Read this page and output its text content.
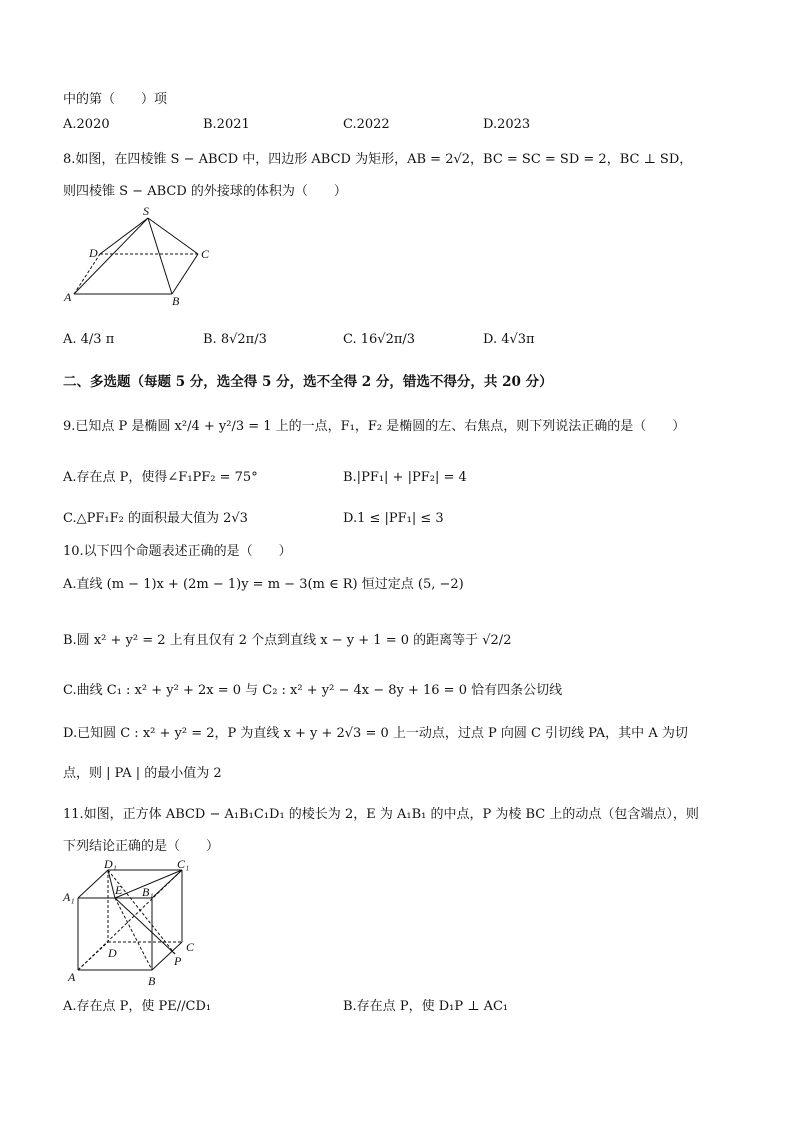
中的第（　　）项
A.2020	B.2021	C.2022	D.2023
8.如图，在四棱锥 S − ABCD 中，四边形 ABCD 为矩形，AB = 2√2，BC = SC = SD = 2，BC ⊥ SD，
则四棱锥 S − ABCD 的外接球的体积为（　　）
S
D	C
A	B
A. 4/3 π	B. 8√2π/3	C. 16√2π/3	D. 4√3π
二、多选题（每题 5 分，选全得 5 分，选不全得 2 分，错选不得分，共 20 分）
9.已知点 P 是椭圆 x²/4 + y²/3 = 1 上的一点，F₁，F₂ 是椭圆的左、右焦点，则下列说法正确的是（　　）
A.存在点 P，使得∠F₁PF₂ = 75°	B.|PF₁| + |PF₂| = 4
C.△PF₁F₂ 的面积最大值为 2√3	D.1 ≤ |PF₁| ≤ 3
10.以下四个命题表述正确的是（　　）
A.直线 (m − 1)x + (2m − 1)y = m − 3(m ∈ R) 恒过定点 (5, −2)
B.圆 x² + y² = 2 上有且仅有 2 个点到直线 x − y + 1 = 0 的距离等于 √2/2
C.曲线 C₁ : x² + y² + 2x = 0 与 C₂ : x² + y² − 4x − 8y + 16 = 0 恰有四条公切线
D.已知圆 C : x² + y² = 2，P 为直线 x + y + 2√3 = 0 上一动点，过点 P 向圆 C 引切线 PA，其中 A 为切
点，则 | PA | 的最小值为 2
11.如图，正方体 ABCD − A₁B₁C₁D₁ 的棱长为 2，E 为 A₁B₁ 的中点，P 为棱 BC 上的动点（包含端点），则
下列结论正确的是（　　）
D₁	C₁
A₁	E B₁
D	C
P
A	B
A.存在点 P，使 PE//CD₁	B.存在点 P，使 D₁P ⊥ AC₁
